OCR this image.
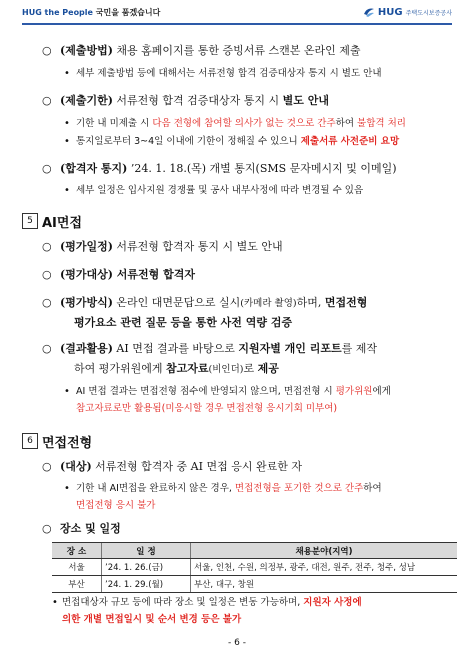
HUG the People 국민을 품겠습니다	HUG 주택도시보증공사
○ (제출방법) 채용 홈페이지를 통한 증빙서류 스캔본 온라인 제출
• 세부 제출방법 등에 대해서는 서류전형 합격 검증대상자 통지 시 별도 안내
○ (제출기한) 서류전형 합격 검증대상자 통지 시 별도 안내
• 기한 내 미제출 시 다음 전형에 참여할 의사가 없는 것으로 간주하여 불합격 처리
• 통지일로부터 3~4일 이내에 기한이 정해질 수 있으니 제출서류 사전준비 요망
○ (합격자 통지) ’24. 1. 18.(목) 개별 통지(SMS 문자메시지 및 이메일)
• 세부 일정은 입사지원 경쟁률 및 공사 내부사정에 따라 변경될 수 있음
5 AI면접
○ (평가일정) 서류전형 합격자 통지 시 별도 안내
○ (평가대상) 서류전형 합격자
○ (평가방식) 온라인 대면문답으로 실시(카메라 촬영)하며, 면접전형
평가요소 관련 질문 등을 통한 사전 역량 검증
○ (결과활용) AI 면접 결과를 바탕으로 지원자별 개인 리포트를 제작
하여 평가위원에게 참고자료(비인더)로 제공
• AI 면접 결과는 면접전형 점수에 반영되지 않으며, 면접전형 시 평가위원에게
참고자료로만 활용됨(미응시할 경우 면접전형 응시기회 미부여)
6 면접전형
○ (대상) 서류전형 합격자 중 AI 면접 응시 완료한 자
• 기한 내 AI면접을 완료하지 않은 경우, 면접전형을 포기한 것으로 간주하여
면접전형 응시 불가
○ 장소 및 일정
장 소	일 정	채용분야(지역)
서울	’24. 1. 26.(금)	서울, 인천, 수원, 의정부, 광주, 대전, 원주, 전주, 청주, 성남
부산	’24. 1. 29.(월)	부산, 대구, 창원
• 면접대상자 규모 등에 따라 장소 및 일정은 변동 가능하며, 지원자 사정에
의한 개별 면접일시 및 순서 변경 등은 불가
- 6 -
